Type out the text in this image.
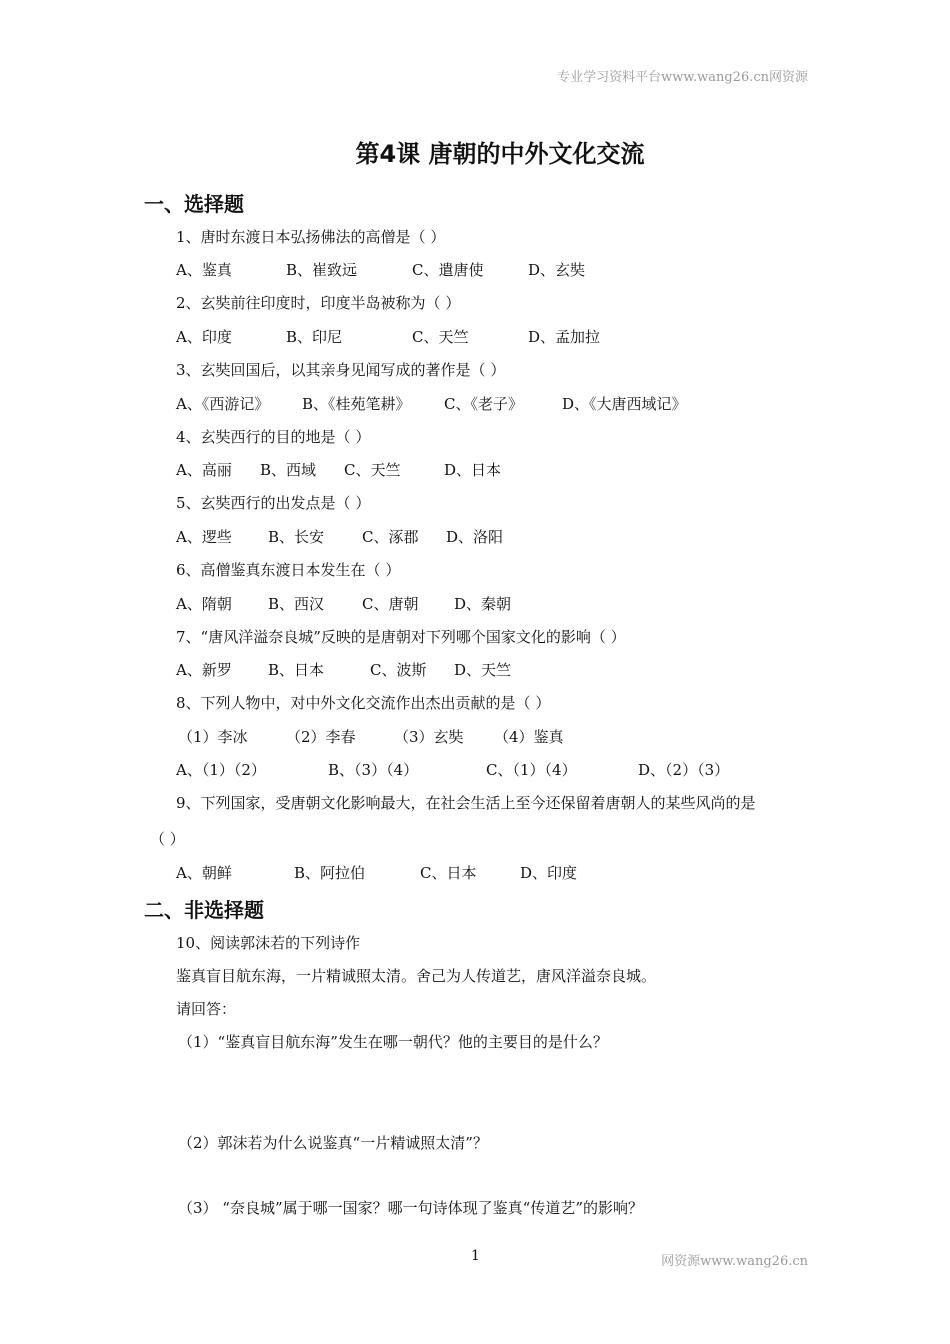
专业学习资料平台www.wang26.cn网资源
第4课 唐朝的中外文化交流
一、选择题
1、唐时东渡日本弘扬佛法的高僧是（ ）
A、鉴真	B、崔致远	C、遣唐使	D、玄奘
2、玄奘前往印度时，印度半岛被称为（ ）
A、印度	B、印尼	C、天竺	D、孟加拉
3、玄奘回国后，以其亲身见闻写成的著作是（ ）
A、《西游记》 B、《桂苑笔耕》 C、《老子》	D、《大唐西域记》
4、玄奘西行的目的地是（ ）
A、高丽 B、西域 C、天竺	D、日本
5、玄奘西行的出发点是（ ）
A、逻些 B、长安	C、涿郡 D、洛阳
6、高僧鉴真东渡日本发生在（ ）
A、隋朝 B、西汉	C、唐朝 D、秦朝
7、“唐风洋溢奈良城”反映的是唐朝对下列哪个国家文化的影响（ ）
A、新罗 B、日本	C、波斯 D、天竺
8、下列人物中，对中外文化交流作出杰出贡献的是（ ）
（1）李冰	（2）李春	（3）玄奘 （4）鉴真
A、（1）（2）	B、（3）（4）	C、（1）（4）	D、（2）（3）
9、下列国家，受唐朝文化影响最大，在社会生活上至今还保留着唐朝人的某些风尚的是
（ ）
A、朝鲜	B、阿拉伯	C、日本	D、印度
二、非选择题
10、阅读郭沫若的下列诗作
鉴真盲目航东海，一片精诚照太清。舍己为人传道艺，唐风洋溢奈良城。
请回答：
（1）“鉴真盲目航东海”发生在哪一朝代？他的主要目的是什么？
（2）郭沫若为什么说鉴真“一片精诚照太清”？
（3） “奈良城”属于哪一国家？哪一句诗体现了鉴真“传道艺”的影响？
1	网资源www.wang26.cn
